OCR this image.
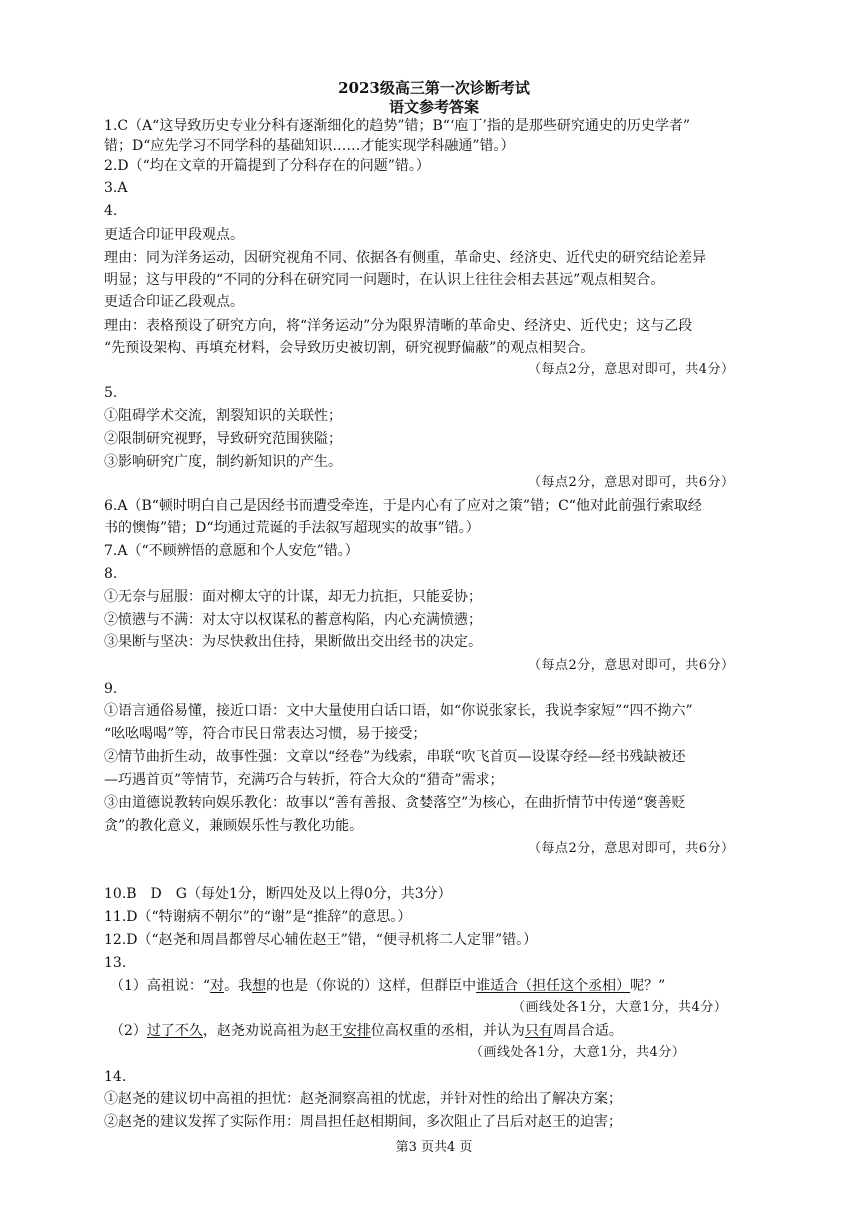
2023级高三第一次诊断考试
语文参考答案
1.C（A“这导致历史专业分科有逐渐细化的趋势”错；B“‘庖丁’指的是那些研究通史的历史学者”
错；D“应先学习不同学科的基础知识……才能实现学科融通”错。）
2.D（“均在文章的开篇提到了分科存在的问题”错。）
3.A
4.
更适合印证甲段观点。
理由：同为洋务运动，因研究视角不同、依据各有侧重，革命史、经济史、近代史的研究结论差异
明显；这与甲段的“不同的分科在研究同一问题时，在认识上往往会相去甚远”观点相契合。
更适合印证乙段观点。
理由：表格预设了研究方向，将“洋务运动”分为限界清晰的革命史、经济史、近代史；这与乙段
“先预设架构、再填充材料，会导致历史被切割，研究视野偏蔽”的观点相契合。
（每点2分，意思对即可，共4分）
5.
①阻碍学术交流，割裂知识的关联性；
②限制研究视野，导致研究范围狭隘；
③影响研究广度，制约新知识的产生。
（每点2分，意思对即可，共6分）
6.A（B“顿时明白自己是因经书而遭受牵连，于是内心有了应对之策”错；C“他对此前强行索取经
书的懊悔”错；D“均通过荒诞的手法叙写超现实的故事”错。）
7.A（“不顾辨悟的意愿和个人安危”错。）
8.
①无奈与屈服：面对柳太守的计谋，却无力抗拒，只能妥协；
②愤懑与不满：对太守以权谋私的蓄意构陷，内心充满愤懑；
③果断与坚决：为尽快救出住持，果断做出交出经书的决定。
（每点2分，意思对即可，共6分）
9.
①语言通俗易懂，接近口语：文中大量使用白话口语，如“你说张家长，我说李家短”“四不拗六”
“吆吆喝喝”等，符合市民日常表达习惯，易于接受；
②情节曲折生动，故事性强：文章以“经卷”为线索，串联“吹飞首页—设谋夺经—经书残缺被还
—巧遇首页”等情节，充满巧合与转折，符合大众的“猎奇”需求；
③由道德说教转向娱乐教化：故事以“善有善报、贪婪落空”为核心，在曲折情节中传递“褒善贬
贪”的教化意义，兼顾娱乐性与教化功能。
（每点2分，意思对即可，共6分）
10.B　D　G（每处1分，断四处及以上得0分，共3分）
11.D（“特谢病不朝尔”的“谢”是“推辞”的意思。）
12.D（“赵尧和周昌都曾尽心辅佐赵王”错，“便寻机将二人定罪”错。）
13.
（1）高祖说：“对。我想的也是（你说的）这样，但群臣中谁适合（担任这个丞相）呢？”
（画线处各1分，大意1分，共4分）
（2）过了不久，赵尧劝说高祖为赵王安排位高权重的丞相，并认为只有周昌合适。
（画线处各1分，大意1分，共4分）
14.
①赵尧的建议切中高祖的担忧：赵尧洞察高祖的忧虑，并针对性的给出了解决方案；
②赵尧的建议发挥了实际作用：周昌担任赵相期间，多次阻止了吕后对赵王的迫害；
第3 页共4 页
